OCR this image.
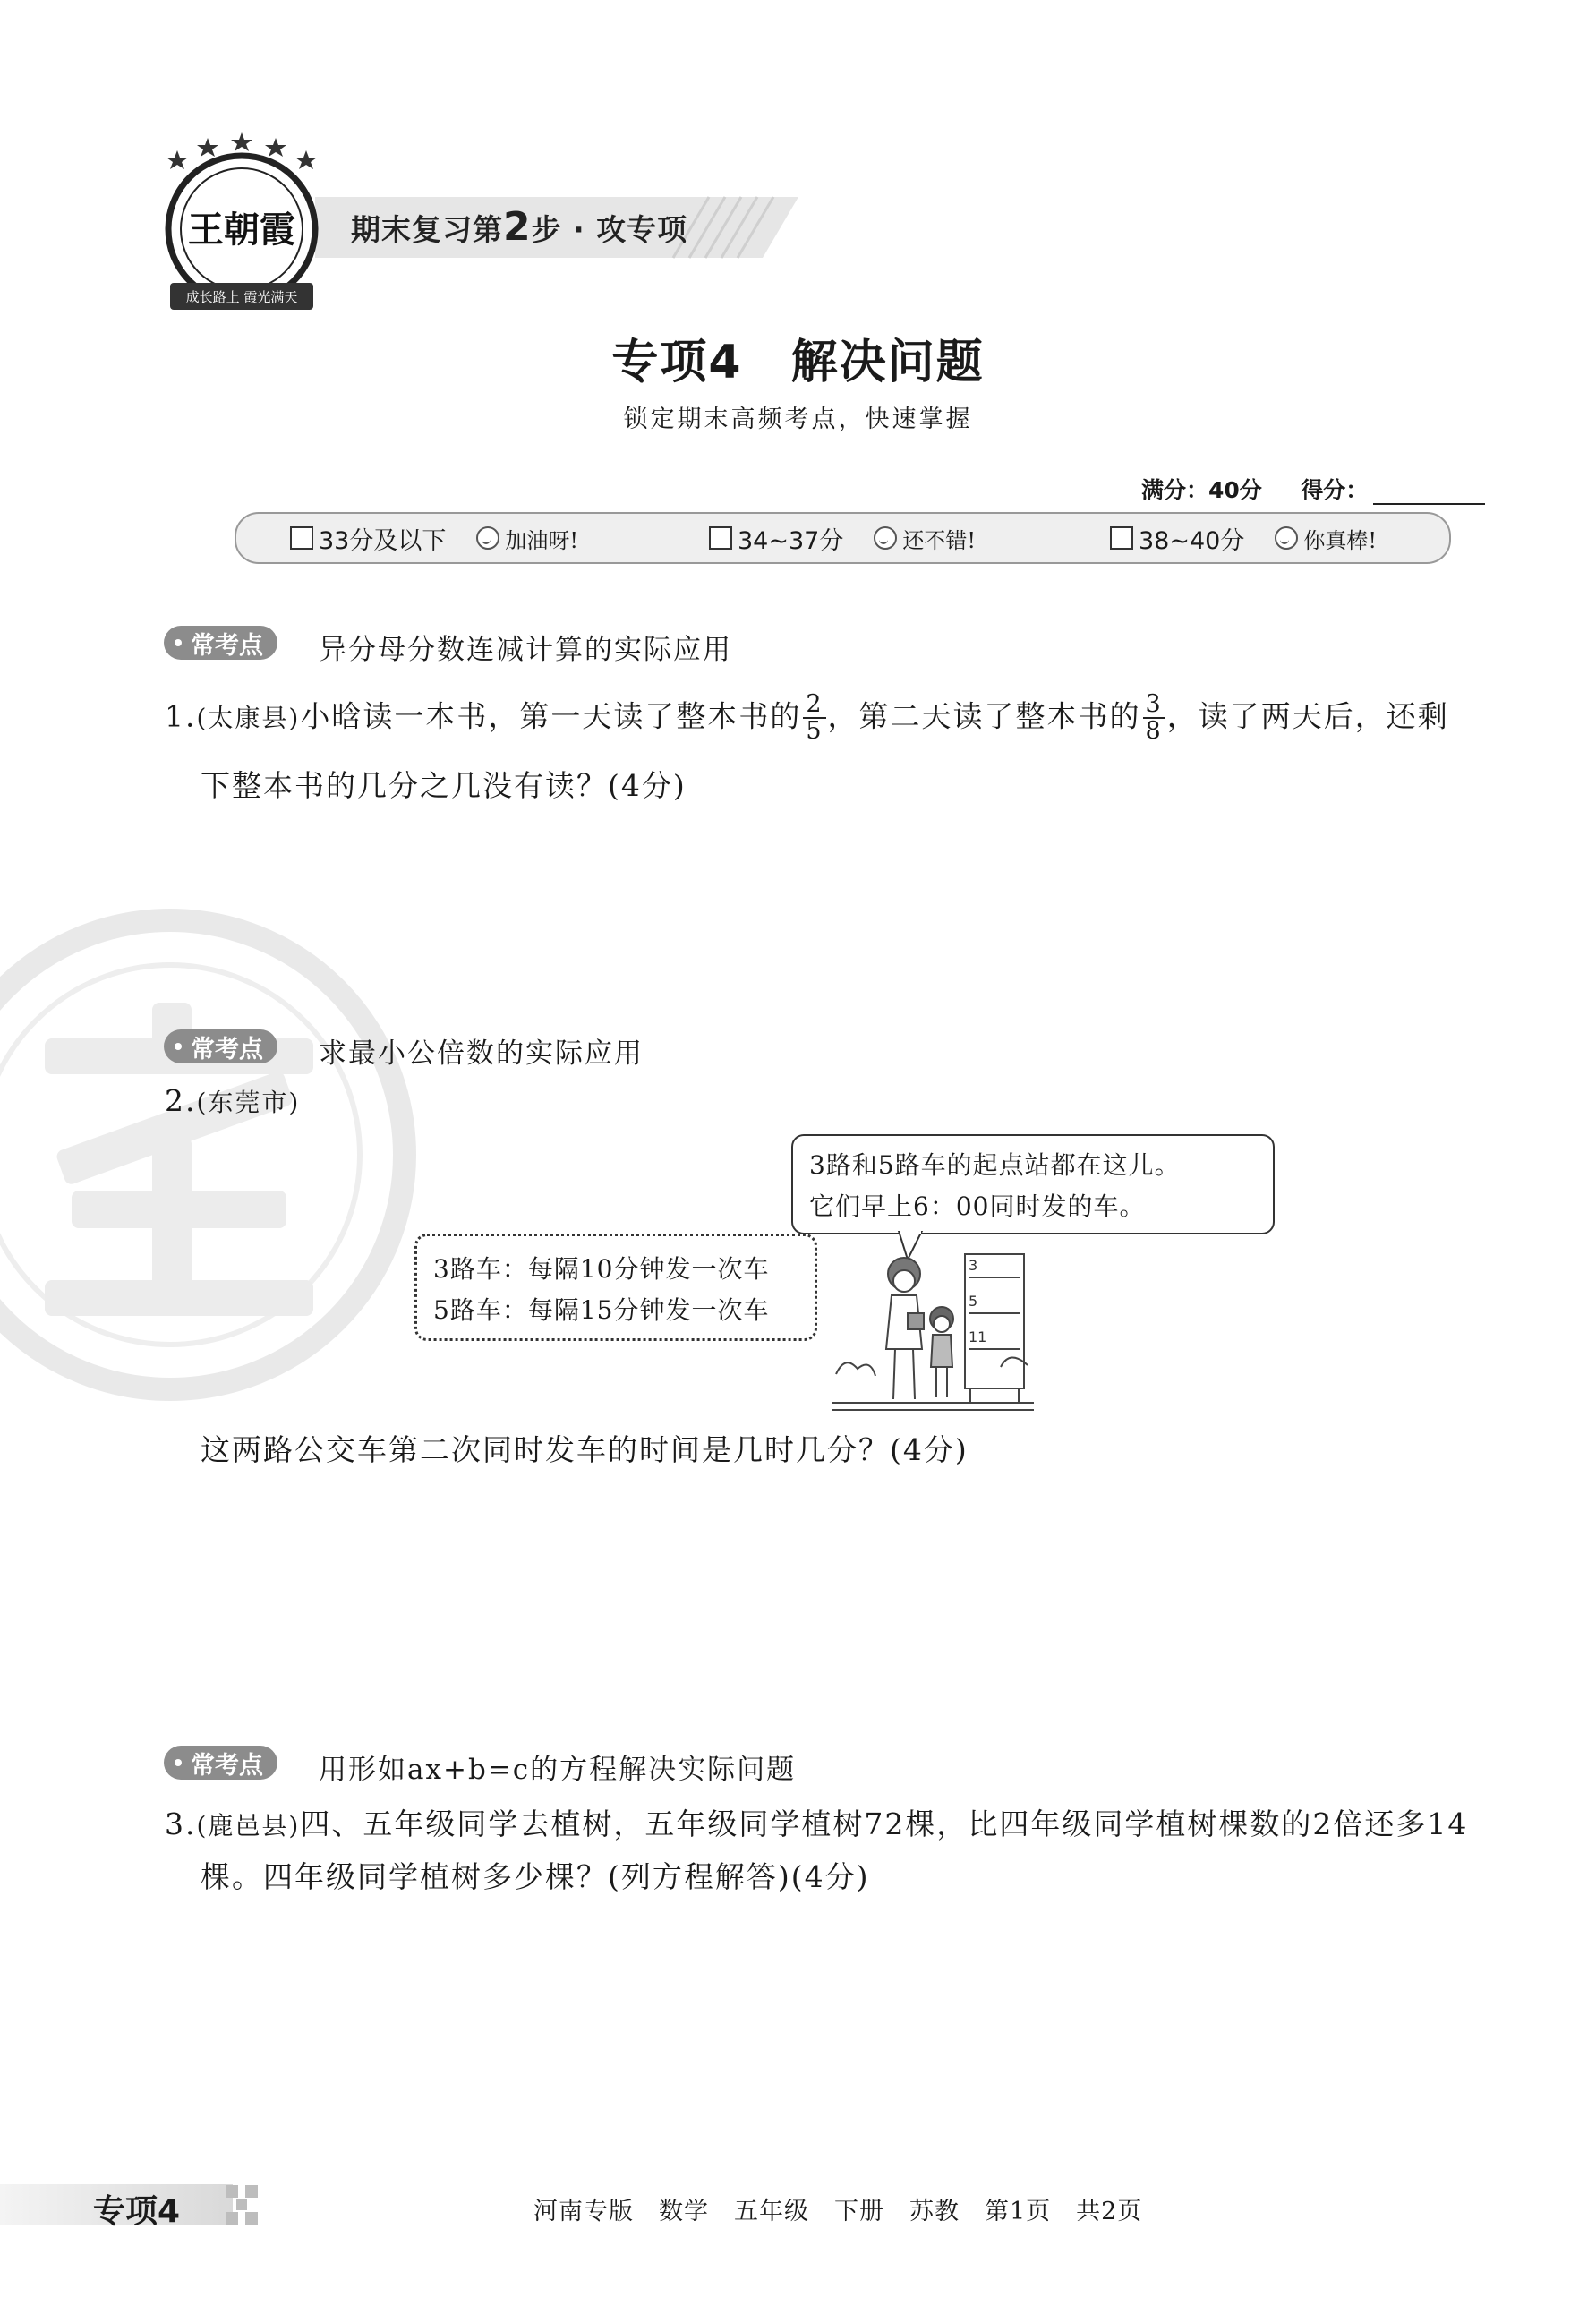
王朝霞
成长路上 霞光满天
期末复习第2步 · 攻专项
专项4　解决问题
锁定期末高频考点，快速掌握
满分：40分 得分：
33分及以下	加油呀!	34~37分	还不错!	38~40分	你真棒!
常考点	异分母分数连减计算的实际应用
1.(太康县)小晗读一本书，第一天读了整本书的 $\frac{2}{5}$ ，第二天读了整本书的 $\frac{3}{8}$ ，读了两天后，还剩
下整本书的几分之几没有读？(4分)
常考点	求最小公倍数的实际应用
2.(东莞市)
3路和5路车的起点站都在这儿。
它们早上6：00同时发的车。
3路车：每隔10分钟发一次车
5路车：每隔15分钟发一次车
3
5
11
这两路公交车第二次同时发车的时间是几时几分？(4分)
常考点	用形如ax+b=c的方程解决实际问题
3.(鹿邑县)四、五年级同学去植树，五年级同学植树72棵，比四年级同学植树棵数的2倍还多14
棵。四年级同学植树多少棵？(列方程解答)(4分)
专项4	河南专版　数学　五年级　下册　苏教　第1页　共2页
